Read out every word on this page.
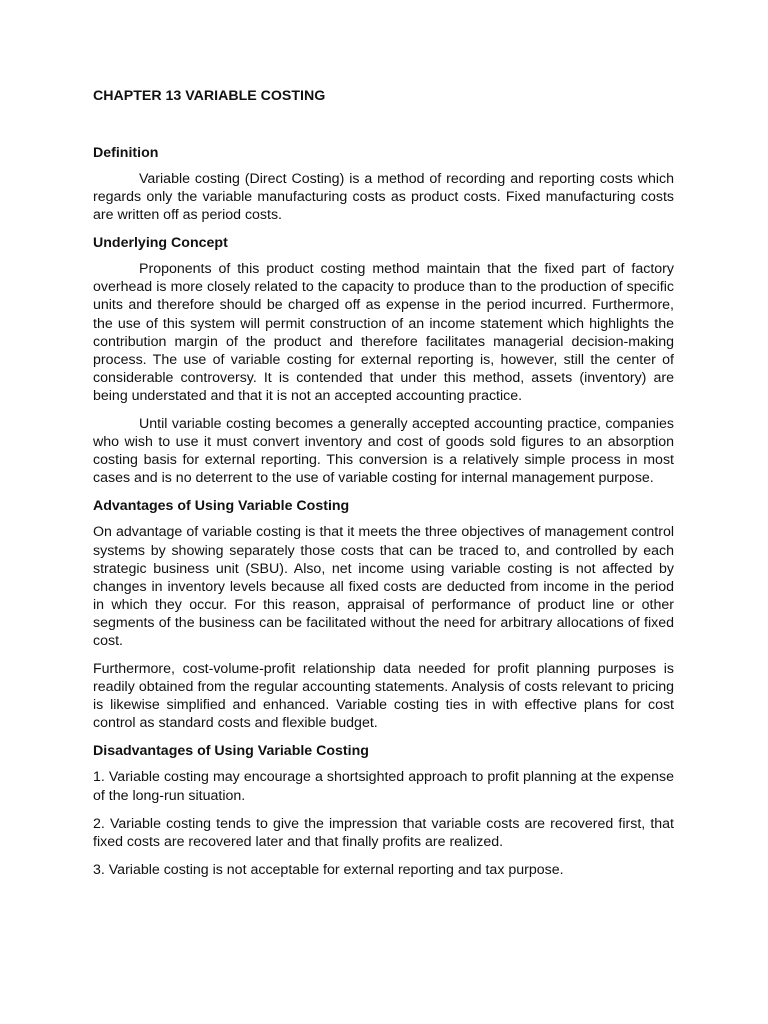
CHAPTER 13 VARIABLE COSTING
Definition

Variable costing (Direct Costing) is a method of recording and reporting costs which regards only the variable manufacturing costs as product costs. Fixed manufacturing costs are written off as period costs.

Underlying Concept

Proponents of this product costing method maintain that the fixed part of factory overhead is more closely related to the capacity to produce than to the production of specific units and therefore should be charged off as expense in the period incurred. Furthermore, the use of this system will permit construction of an income statement which highlights the contribution margin of the product and therefore facilitates managerial decision-making process. The use of variable costing for external reporting is, however, still the center of considerable controversy. It is contended that under this method, assets (inventory) are being understated and that it is not an accepted accounting practice.

Until variable costing becomes a generally accepted accounting practice, companies who wish to use it must convert inventory and cost of goods sold figures to an absorption costing basis for external reporting. This conversion is a relatively simple process in most cases and is no deterrent to the use of variable costing for internal management purpose.

Advantages of Using Variable Costing

On advantage of variable costing is that it meets the three objectives of management control systems by showing separately those costs that can be traced to, and controlled by each strategic business unit (SBU). Also, net income using variable costing is not affected by changes in inventory levels because all fixed costs are deducted from income in the period in which they occur. For this reason, appraisal of performance of product line or other segments of the business can be facilitated without the need for arbitrary allocations of fixed cost.

Furthermore, cost-volume-profit relationship data needed for profit planning purposes is readily obtained from the regular accounting statements. Analysis of costs relevant to pricing is likewise simplified and enhanced. Variable costing ties in with effective plans for cost control as standard costs and flexible budget.

Disadvantages of Using Variable Costing

1. Variable costing may encourage a shortsighted approach to profit planning at the expense of the long-run situation.

2. Variable costing tends to give the impression that variable costs are recovered first, that fixed costs are recovered later and that finally profits are realized.

3. Variable costing is not acceptable for external reporting and tax purpose.
